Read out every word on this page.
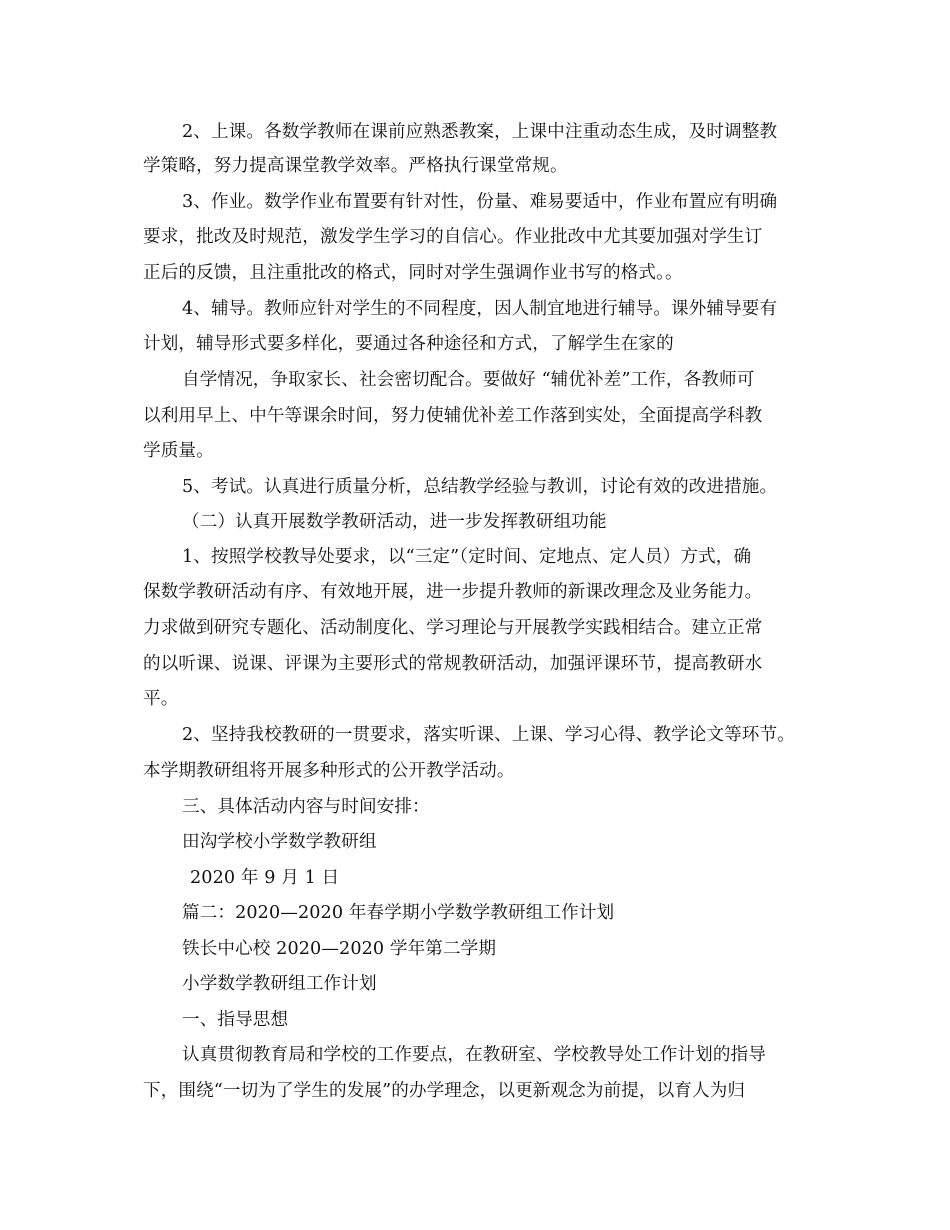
2、上课。各数学教师在课前应熟悉教案，上课中注重动态生成，及时调整教
学策略，努力提高课堂教学效率。严格执行课堂常规。
3、作业。数学作业布置要有针对性，份量、难易要适中，作业布置应有明确
要求，批改及时规范，激发学生学习的自信心。作业批改中尤其要加强对学生订
正后的反馈，且注重批改的格式，同时对学生强调作业书写的格式。。
4、辅导。教师应针对学生的不同程度，因人制宜地进行辅导。课外辅导要有
计划，辅导形式要多样化，要通过各种途径和方式，了解学生在家的
自学情况，争取家长、社会密切配合。要做好 “辅优补差”工作，各教师可
以利用早上、中午等课余时间，努力使辅优补差工作落到实处，全面提高学科教
学质量。
5、考试。认真进行质量分析，总结教学经验与教训，讨论有效的改进措施。
（二）认真开展数学教研活动，进一步发挥教研组功能
1、按照学校教导处要求，以“三定”（定时间、定地点、定人员）方式，确
保数学教研活动有序、有效地开展，进一步提升教师的新课改理念及业务能力。
力求做到研究专题化、活动制度化、学习理论与开展教学实践相结合。建立正常
的以听课、说课、评课为主要形式的常规教研活动，加强评课环节，提高教研水
平。
2、坚持我校教研的一贯要求，落实听课、上课、学习心得、教学论文等环节。
本学期教研组将开展多种形式的公开教学活动。
三、具体活动内容与时间安排：
田沟学校小学数学教研组
2020 年 9 月 1 日
篇二：2020—2020 年春学期小学数学教研组工作计划
铁长中心校 2020—2020 学年第二学期
小学数学教研组工作计划
一、指导思想
认真贯彻教育局和学校的工作要点，在教研室、学校教导处工作计划的指导
下，围绕“一切为了学生的发展”的办学理念，以更新观念为前提，以育人为归
